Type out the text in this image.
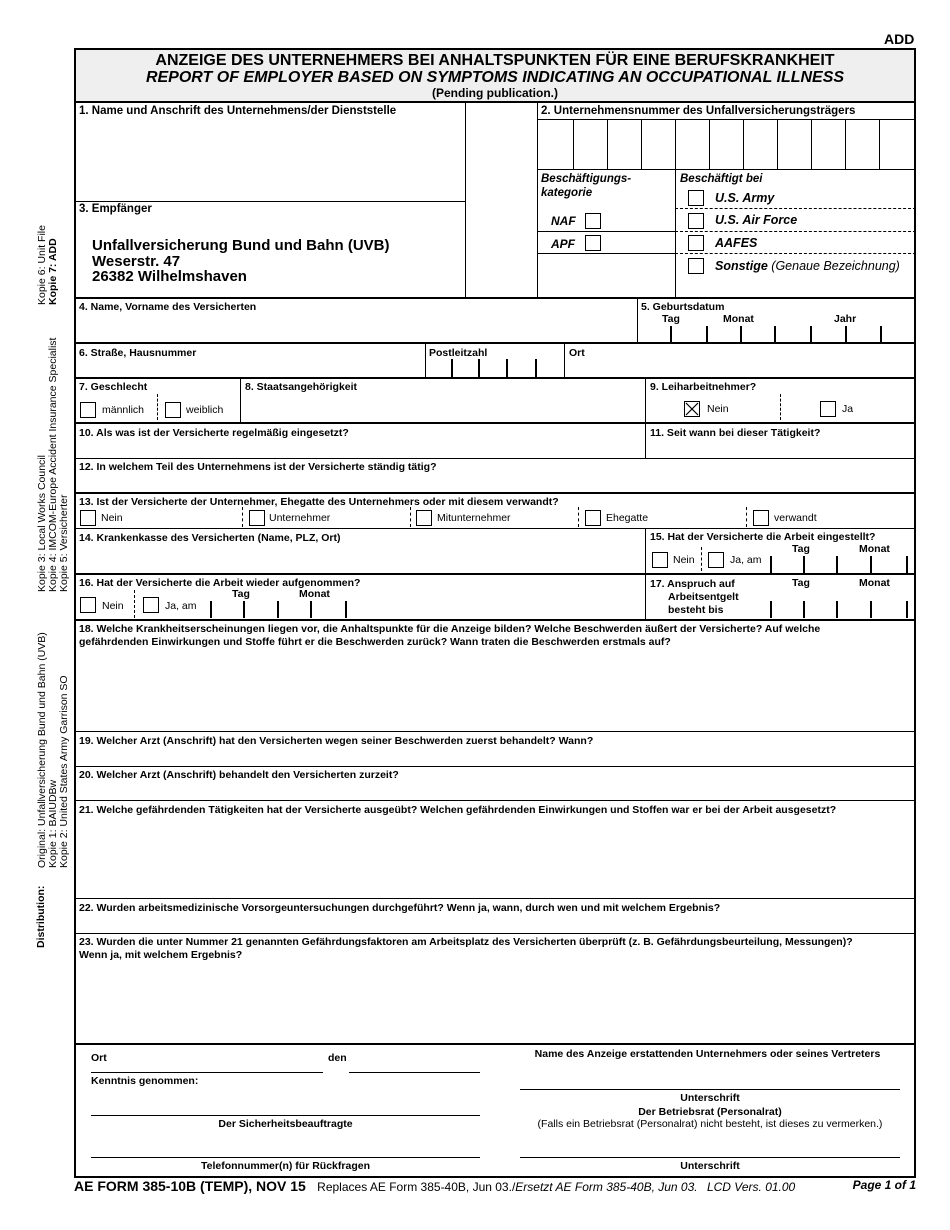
ADD
Distribution:
Original: Unfallversicherung Bund und Bahn (UVB) Kopie 1: BAIUDBw Kopie 2: United States Army Garrison SO
Kopie 3: Local Works Council Kopie 4: IMCOM-Europe Accident Insurance Specialist Kopie 5: Versicherter
Kopie 6: Unit File Kopie 7: ADD
ANZEIGE DES UNTERNEHMERS BEI ANHALTSPUNKTEN FÜR EINE BERUFSKRANKHEIT
REPORT OF EMPLOYER BASED ON SYMPTOMS INDICATING AN OCCUPATIONAL ILLNESS
(Pending publication.)
1. Name und Anschrift des Unternehmens/der Dienststelle	2. Unternehmensnummer des Unfallversicherungsträgers
Beschäftigungs-
kategorie
NAF
APF
Beschäftigt bei
U.S. Army
U.S. Air Force
AAFES
Sonstige (Genaue Bezeichnung)
3. Empfänger
Unfallversicherung Bund und Bahn (UVB)
Weserstr. 47
26382 Wilhelmshaven
4. Name, Vorname des Versicherten	5. Geburtsdatum
Tag	Monat	Jahr
6. Straße, Hausnummer	Postleitzahl	Ort
7. Geschlecht
männlich	weiblich
8. Staatsangehörigkeit	9. Leiharbeitnehmer?
Nein	Ja
10. Als was ist der Versicherte regelmäßig eingesetzt?	11. Seit wann bei dieser Tätigkeit?
12. In welchem Teil des Unternehmens ist der Versicherte ständig tätig?
13. Ist der Versicherte der Unternehmer, Ehegatte des Unternehmers oder mit diesem verwandt?
Nein	Unternehmer	Mitunternehmer	Ehegatte	verwandt
14. Krankenkasse des Versicherten (Name, PLZ, Ort)	15. Hat der Versicherte die Arbeit eingestellt?
Tag	Monat
Nein	Ja, am
16. Hat der Versicherte die Arbeit wieder aufgenommen?
Tag	Monat
Nein	Ja, am
17. Anspruch auf
Arbeitsentgelt
besteht bis
Tag	Monat
18. Welche Krankheitserscheinungen liegen vor, die Anhaltspunkte für die Anzeige bilden? Welche Beschwerden äußert der Versicherte? Auf welche
gefährdenden Einwirkungen und Stoffe führt er die Beschwerden zurück? Wann traten die Beschwerden erstmals auf?
19. Welcher Arzt (Anschrift) hat den Versicherten wegen seiner Beschwerden zuerst behandelt? Wann?
20. Welcher Arzt (Anschrift) behandelt den Versicherten zurzeit?
21. Welche gefährdenden Tätigkeiten hat der Versicherte ausgeübt? Welchen gefährdenden Einwirkungen und Stoffen war er bei der Arbeit ausgesetzt?
22. Wurden arbeitsmedizinische Vorsorgeuntersuchungen durchgeführt? Wenn ja, wann, durch wen und mit welchem Ergebnis?
23. Wurden die unter Nummer 21 genannten Gefährdungsfaktoren am Arbeitsplatz des Versicherten überprüft (z. B. Gefährdungsbeurteilung, Messungen)?
Wenn ja, mit welchem Ergebnis?
Ort	den
Kenntnis genommen:
Der Sicherheitsbeauftragte
Telefonnummer(n) für Rückfragen
Name des Anzeige erstattenden Unternehmers oder seines Vertreters
Unterschrift
Der Betriebsrat (Personalrat)
(Falls ein Betriebsrat (Personalrat) nicht besteht, ist dieses zu vermerken.)
Unterschrift
AE FORM 385-10B (TEMP), NOV 15 Replaces AE Form 385-40B, Jun 03./Ersetzt AE Form 385-40B, Jun 03. LCD Vers. 01.00	Page 1 of 1
